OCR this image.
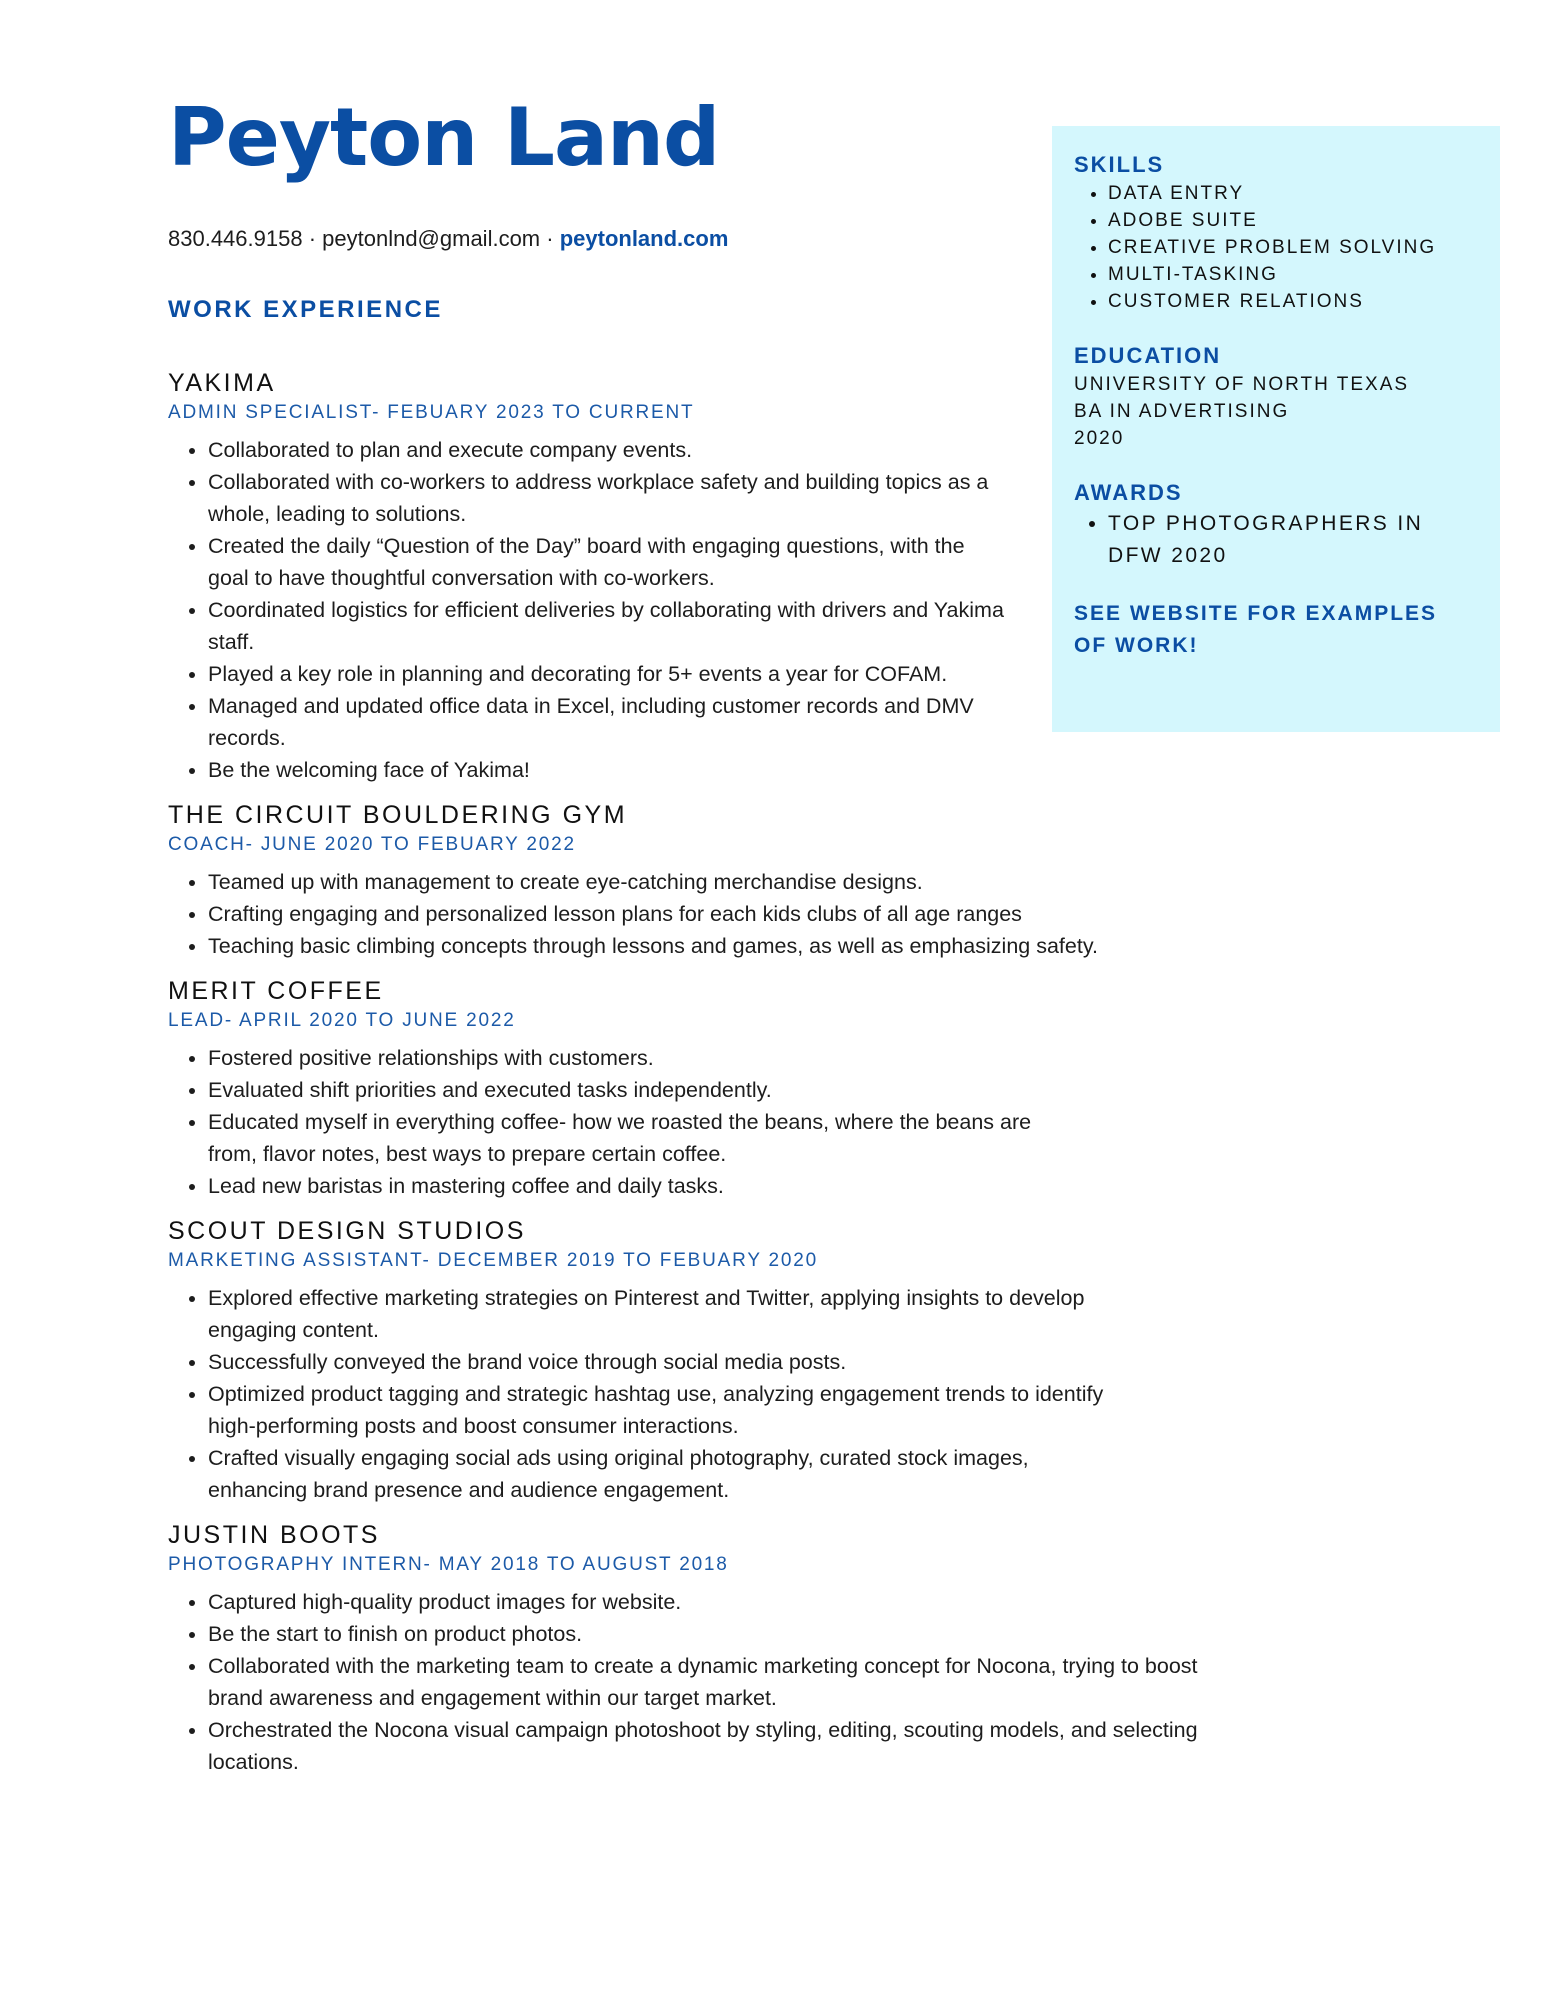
Peyton Land
830.446.9158 · peytonlnd@gmail.com · peytonland.com
WORK EXPERIENCE
YAKIMA
ADMIN SPECIALIST- FEBUARY 2023 TO CURRENT
• Collaborated to plan and execute company events.
• Collaborated with co-workers to address workplace safety and building topics as a whole, leading to solutions.
• Created the daily “Question of the Day” board with engaging questions, with the goal to have thoughtful conversation with co-workers.
• Coordinated logistics for efficient deliveries by collaborating with drivers and Yakima staff.
• Played a key role in planning and decorating for 5+ events a year for COFAM.
• Managed and updated office data in Excel, including customer records and DMV records.
• Be the welcoming face of Yakima!
THE CIRCUIT BOULDERING GYM
COACH- JUNE 2020 TO FEBUARY 2022
• Teamed up with management to create eye-catching merchandise designs.
• Crafting engaging and personalized lesson plans for each kids clubs of all age ranges
• Teaching basic climbing concepts through lessons and games, as well as emphasizing safety.
MERIT COFFEE
LEAD- APRIL 2020 TO JUNE 2022
• Fostered positive relationships with customers.
• Evaluated shift priorities and executed tasks independently.
• Educated myself in everything coffee- how we roasted the beans, where the beans are from, flavor notes, best ways to prepare certain coffee.
• Lead new baristas in mastering coffee and daily tasks.
SCOUT DESIGN STUDIOS
MARKETING ASSISTANT- DECEMBER 2019 TO FEBUARY 2020
• Explored effective marketing strategies on Pinterest and Twitter, applying insights to develop engaging content.
• Successfully conveyed the brand voice through social media posts.
• Optimized product tagging and strategic hashtag use, analyzing engagement trends to identify high-performing posts and boost consumer interactions.
• Crafted visually engaging social ads using original photography, curated stock images, enhancing brand presence and audience engagement.
JUSTIN BOOTS
PHOTOGRAPHY INTERN- MAY 2018 TO AUGUST 2018
• Captured high-quality product images for website.
• Be the start to finish on product photos.
• Collaborated with the marketing team to create a dynamic marketing concept for Nocona, trying to boost brand awareness and engagement within our target market.
• Orchestrated the Nocona visual campaign photoshoot by styling, editing, scouting models, and selecting locations.
SKILLS
• DATA ENTRY
• ADOBE SUITE
• CREATIVE PROBLEM SOLVING
• MULTI-TASKING
• CUSTOMER RELATIONS
EDUCATION
UNIVERSITY OF NORTH TEXAS
BA IN ADVERTISING
2020
AWARDS
• TOP PHOTOGRAPHERS IN DFW 2020
SEE WEBSITE FOR EXAMPLES OF WORK!
